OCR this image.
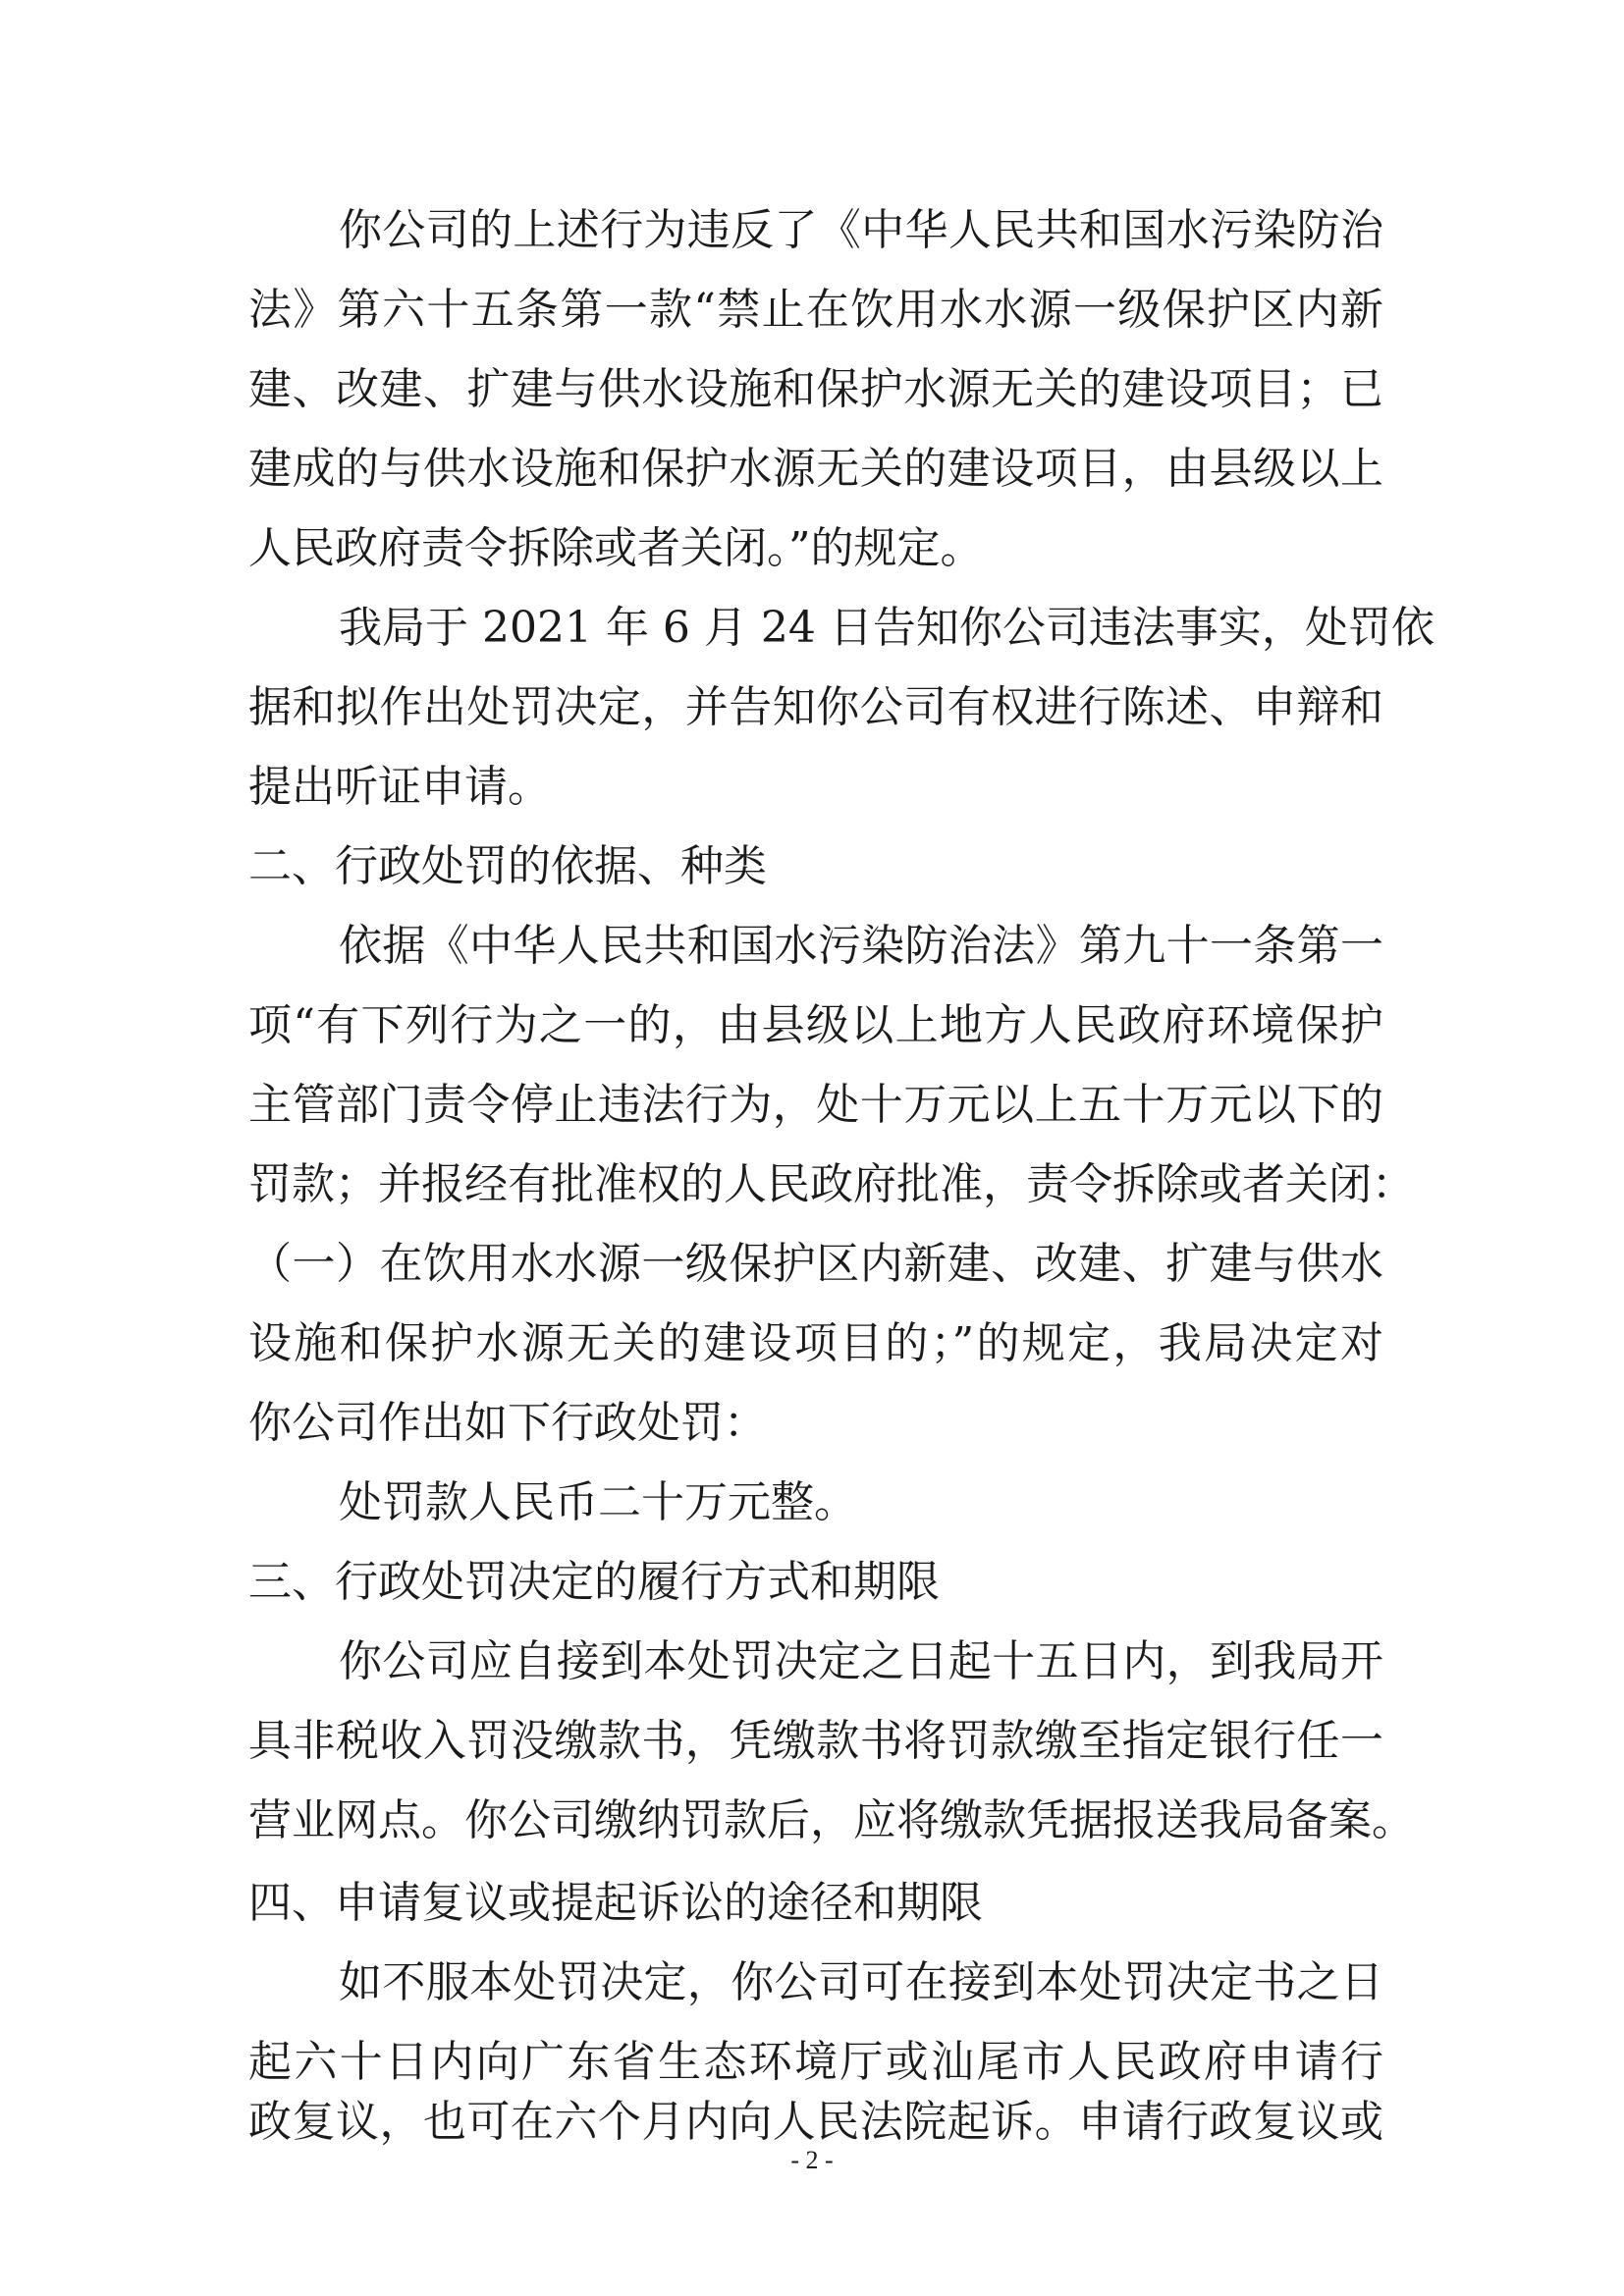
你公司的上述行为违反了《中华人民共和国水污染防治
法》第六十五条第一款“禁止在饮用水水源一级保护区内新
建、改建、扩建与供水设施和保护水源无关的建设项目；已
建成的与供水设施和保护水源无关的建设项目，由县级以上
人民政府责令拆除或者关闭。”的规定。
我局于 2021 年 6 月 24 日告知你公司违法事实，处罚依
据和拟作出处罚决定，并告知你公司有权进行陈述、申辩和
提出听证申请。
二、行政处罚的依据、种类
依据《中华人民共和国水污染防治法》第九十一条第一
项“有下列行为之一的，由县级以上地方人民政府环境保护
主管部门责令停止违法行为，处十万元以上五十万元以下的
罚款；并报经有批准权的人民政府批准，责令拆除或者关闭：
（一）在饮用水水源一级保护区内新建、改建、扩建与供水
设施和保护水源无关的建设项目的；”的规定，我局决定对
你公司作出如下行政处罚：
处罚款人民币二十万元整。
三、行政处罚决定的履行方式和期限
你公司应自接到本处罚决定之日起十五日内，到我局开
具非税收入罚没缴款书，凭缴款书将罚款缴至指定银行任一
营业网点。你公司缴纳罚款后，应将缴款凭据报送我局备案。
四、申请复议或提起诉讼的途径和期限
如不服本处罚决定，你公司可在接到本处罚决定书之日
起六十日内向广东省生态环境厅或汕尾市人民政府申请行
政复议，也可在六个月内向人民法院起诉。申请行政复议或
- 2 -
